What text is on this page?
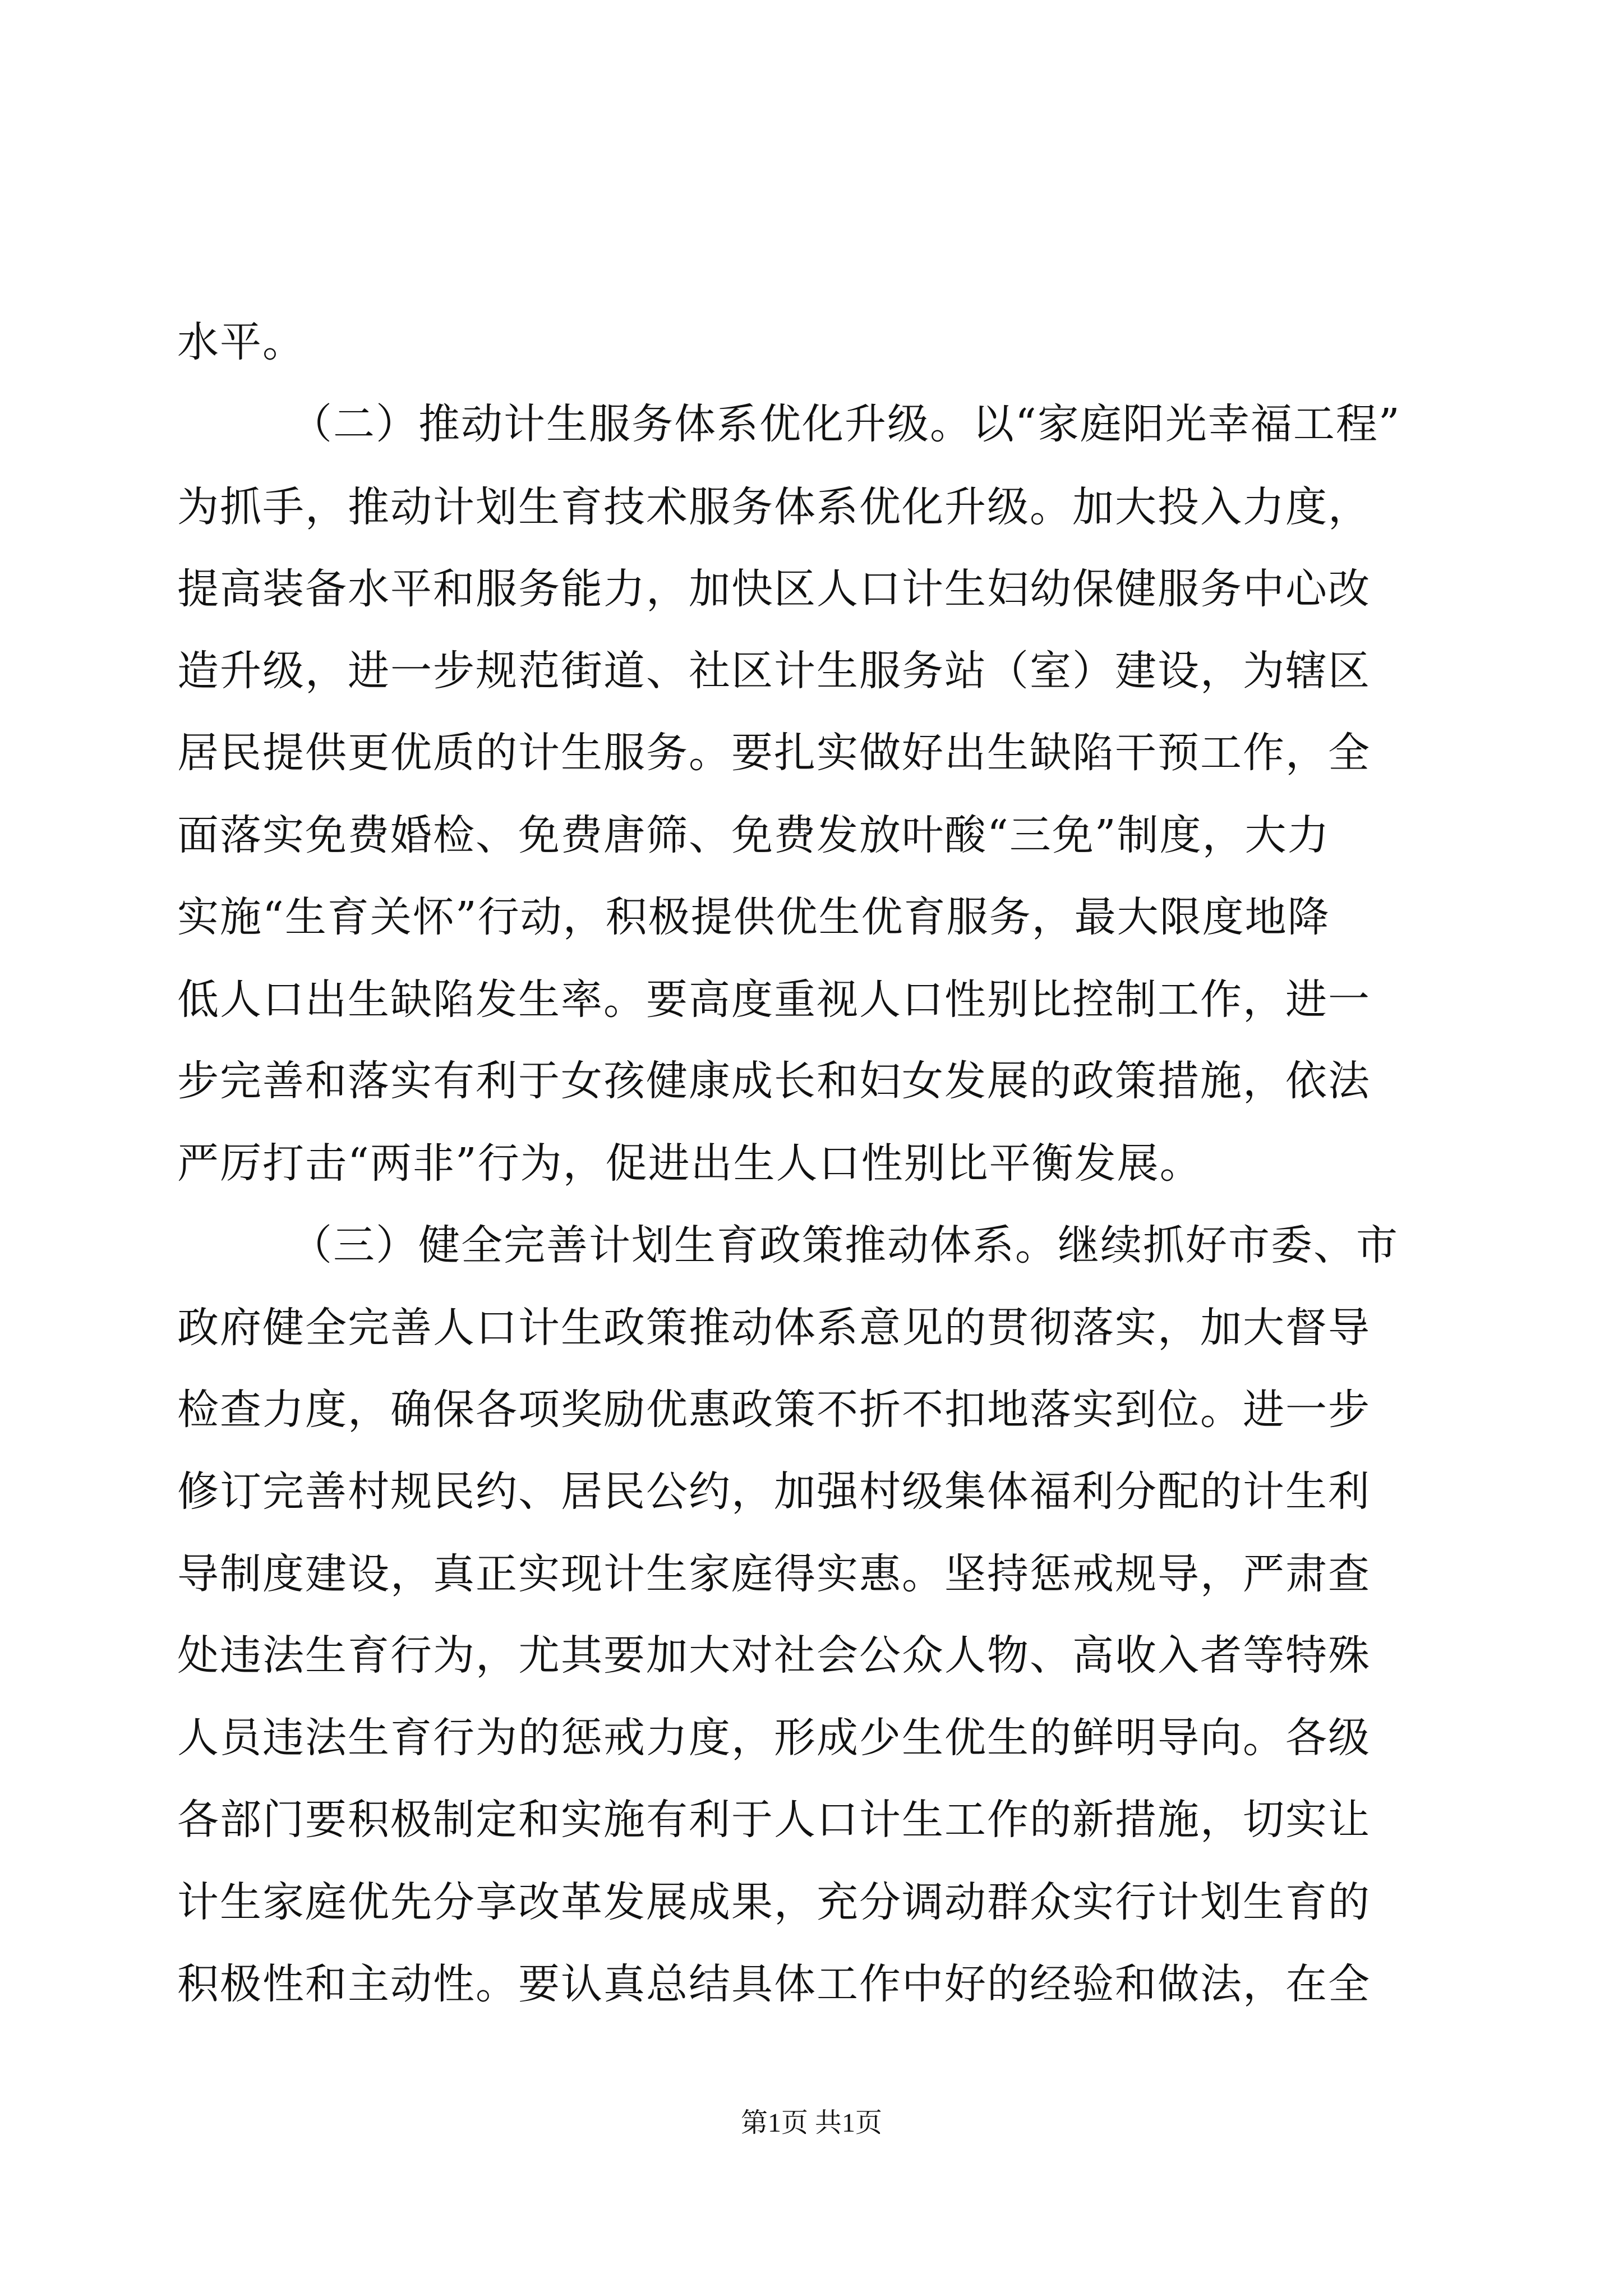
水平。
（二）推动计生服务体系优化升级。以“家庭阳光幸福工程”
为抓手，推动计划生育技术服务体系优化升级。加大投入力度，
提高装备水平和服务能力，加快区人口计生妇幼保健服务中心改
造升级，进一步规范街道、社区计生服务站（室）建设，为辖区
居民提供更优质的计生服务。要扎实做好出生缺陷干预工作，全
面落实免费婚检、免费唐筛、免费发放叶酸“三免”制度，大力
实施“生育关怀”行动，积极提供优生优育服务，最大限度地降
低人口出生缺陷发生率。要高度重视人口性别比控制工作，进一
步完善和落实有利于女孩健康成长和妇女发展的政策措施，依法
严厉打击“两非”行为，促进出生人口性别比平衡发展。
（三）健全完善计划生育政策推动体系。继续抓好市委、市
政府健全完善人口计生政策推动体系意见的贯彻落实，加大督导
检查力度，确保各项奖励优惠政策不折不扣地落实到位。进一步
修订完善村规民约、居民公约，加强村级集体福利分配的计生利
导制度建设，真正实现计生家庭得实惠。坚持惩戒规导，严肃查
处违法生育行为，尤其要加大对社会公众人物、高收入者等特殊
人员违法生育行为的惩戒力度，形成少生优生的鲜明导向。各级
各部门要积极制定和实施有利于人口计生工作的新措施，切实让
计生家庭优先分享改革发展成果，充分调动群众实行计划生育的
积极性和主动性。要认真总结具体工作中好的经验和做法，在全
第1页 共1页
